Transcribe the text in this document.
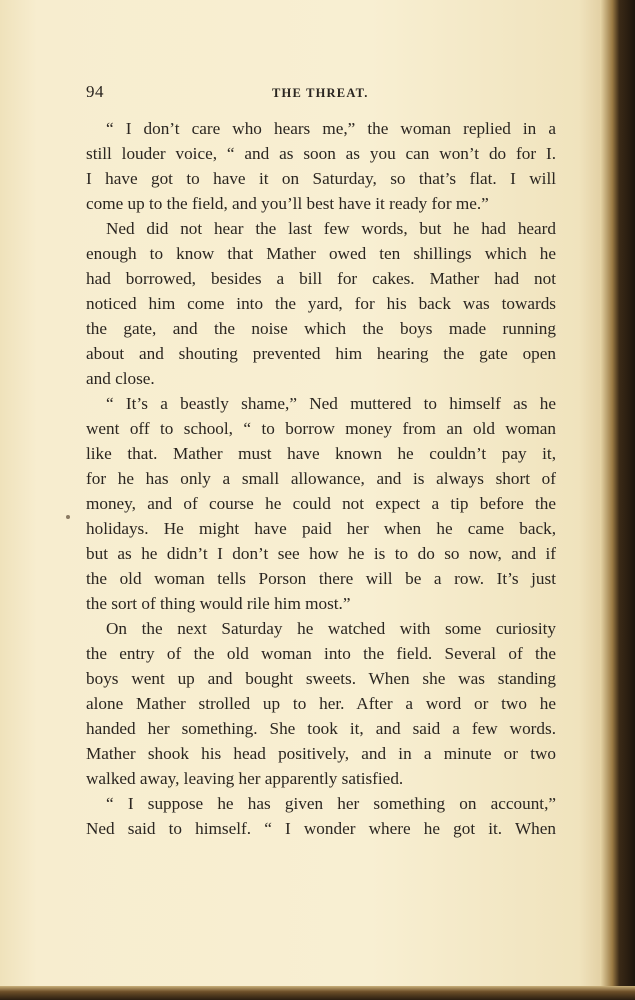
94	THE THREAT.

“ I don’t care who hears me,” the woman replied in a

still louder voice, “ and as soon as you can won’t do for I.

I have got to have it on Saturday, so that’s flat. I will

come up to the field, and you’ll best have it ready for me.”

Ned did not hear the last few words, but he had heard

enough to know that Mather owed ten shillings which he

had borrowed, besides a bill for cakes. Mather had not

noticed him come into the yard, for his back was towards

the gate, and the noise which the boys made running

about and shouting prevented him hearing the gate open

and close.

“ It’s a beastly shame,” Ned muttered to himself as he

went off to school, “ to borrow money from an old woman

like that. Mather must have known he couldn’t pay it,

for he has only a small allowance, and is always short of

money, and of course he could not expect a tip before the

holidays. He might have paid her when he came back,

but as he didn’t I don’t see how he is to do so now, and if

the old woman tells Porson there will be a row. It’s just

the sort of thing would rile him most.”

On the next Saturday he watched with some curiosity

the entry of the old woman into the field. Several of the

boys went up and bought sweets. When she was standing

alone Mather strolled up to her. After a word or two he

handed her something. She took it, and said a few words.

Mather shook his head positively, and in a minute or two

walked away, leaving her apparently satisfied.

“ I suppose he has given her something on account,”

Ned said to himself. “ I wonder where he got it. When
